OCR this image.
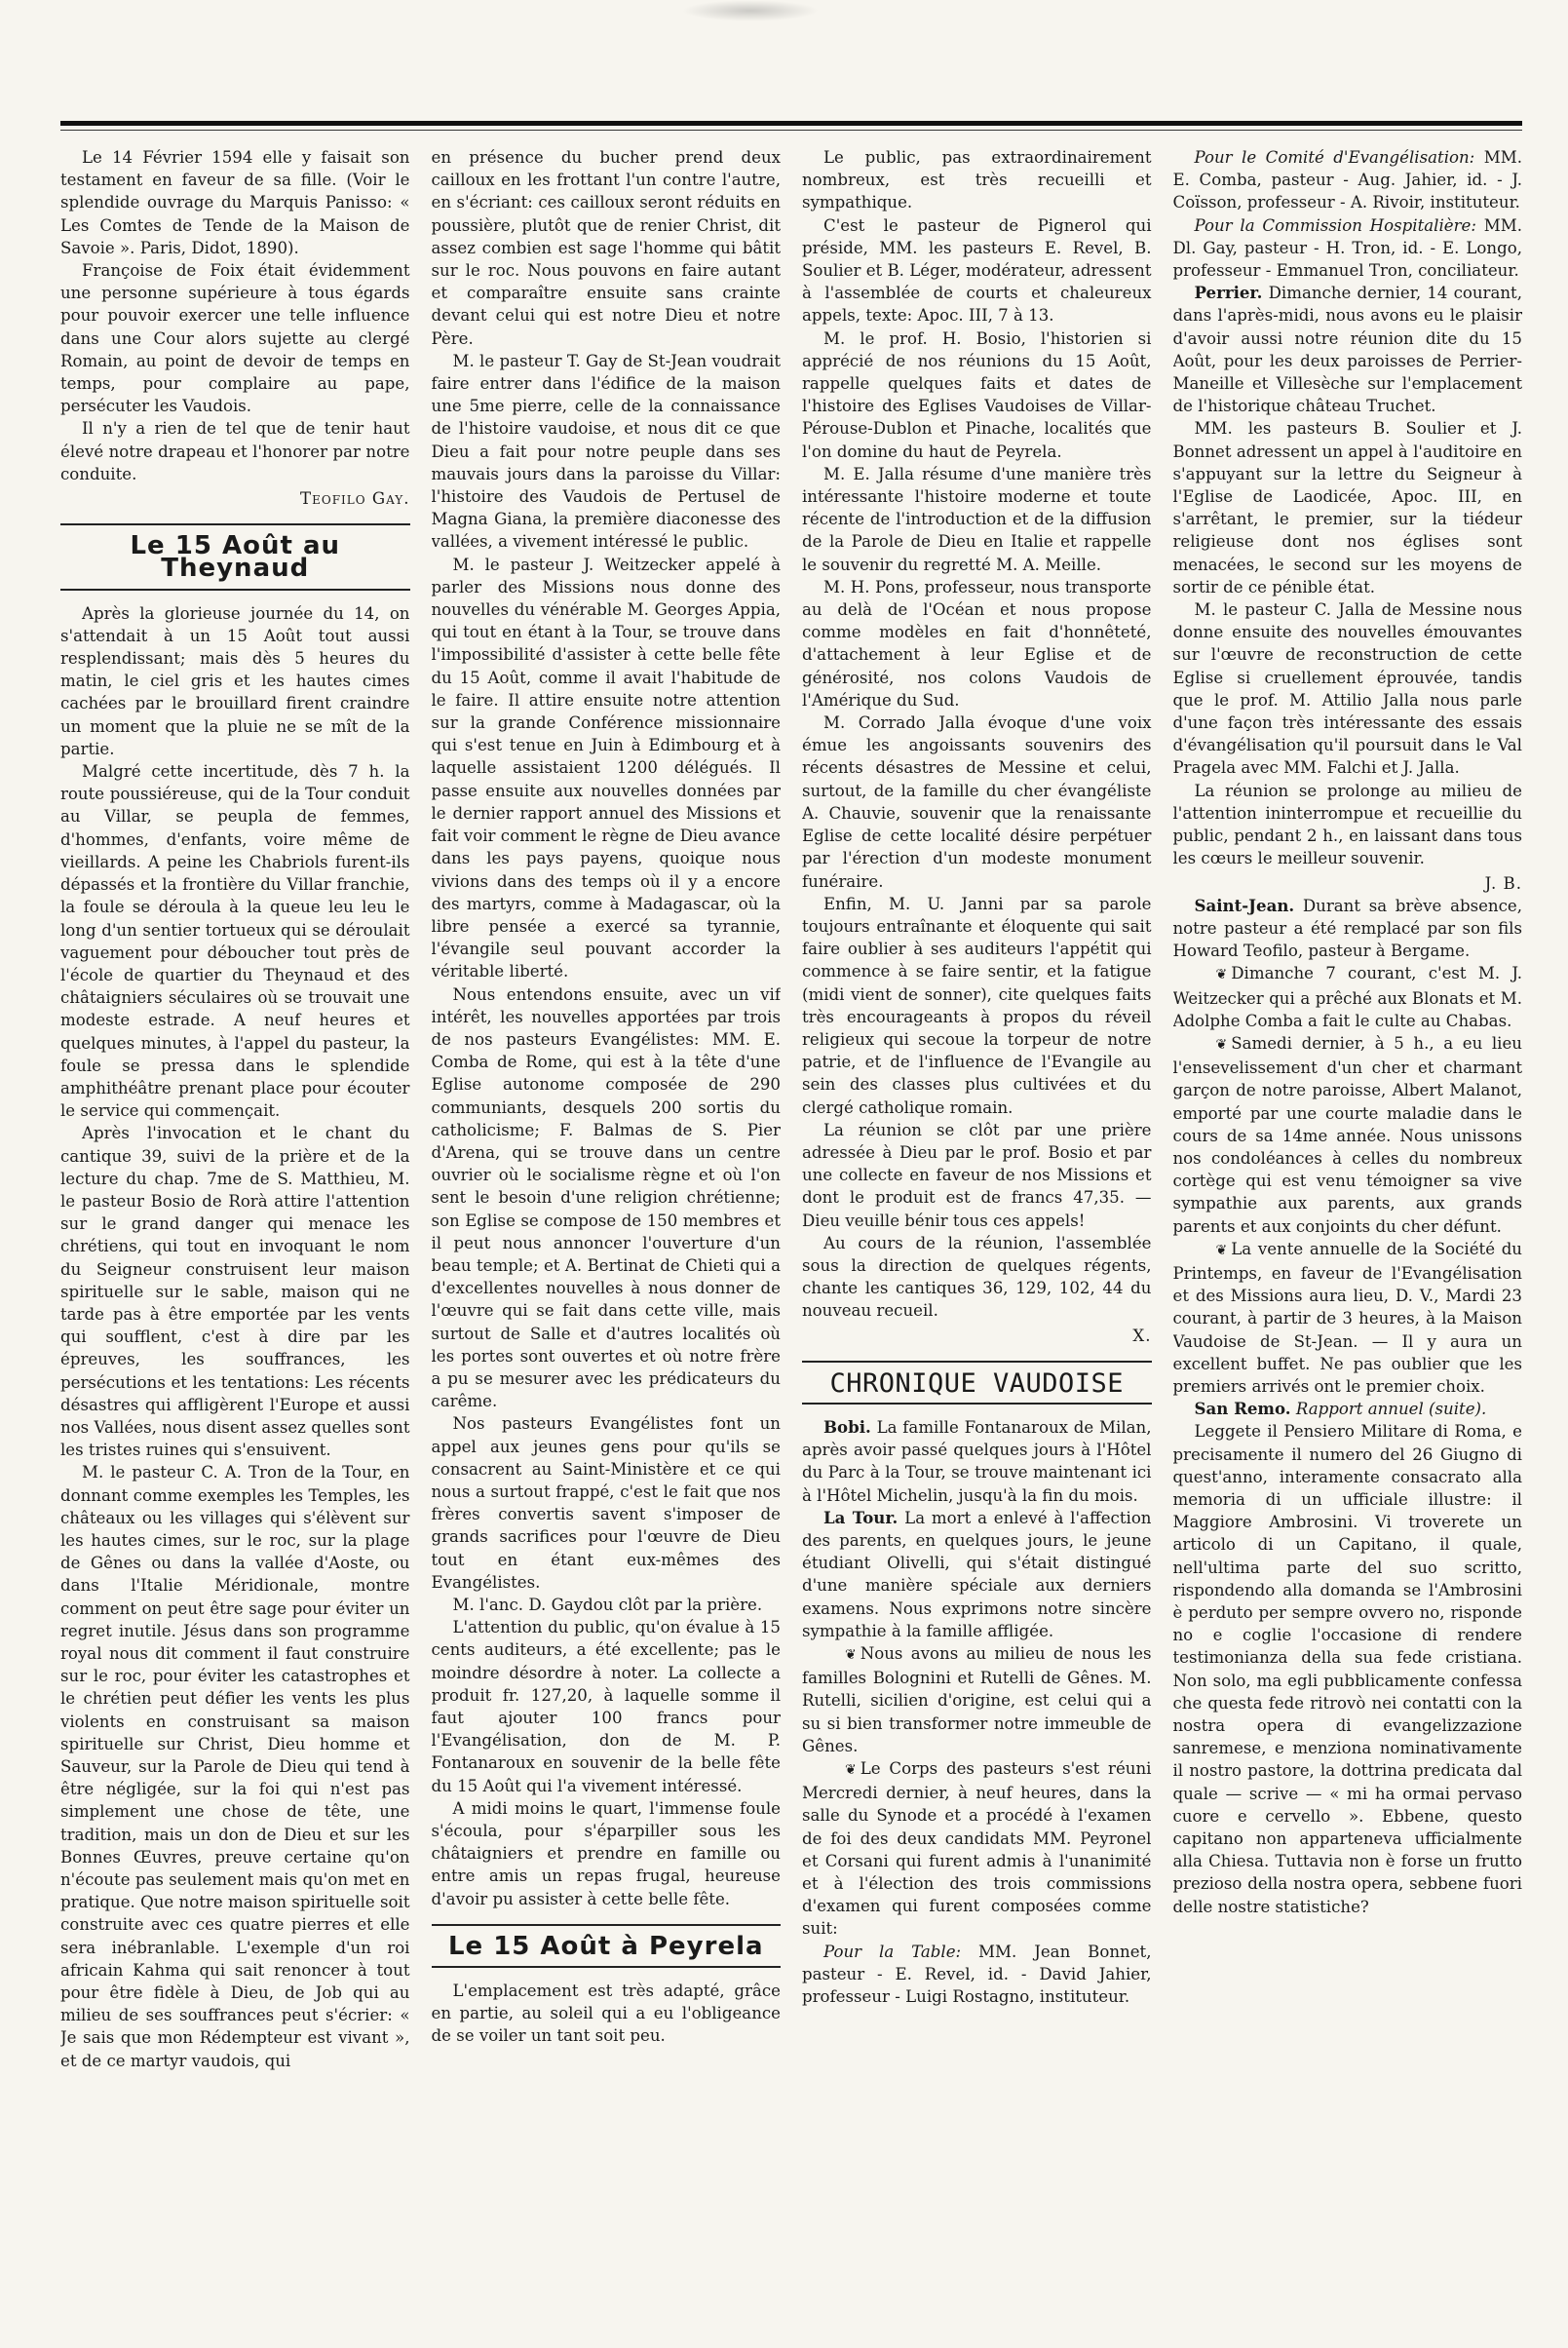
Le 14 Février 1594 elle y faisait son testament en faveur de sa fille. (Voir le splendide ouvrage du Marquis Panisso: « Les Comtes de Tende de la Maison de Savoie ». Paris, Didot, 1890).

Françoise de Foix était évidemment une personne supérieure à tous égards pour pouvoir exercer une telle influence dans une Cour alors sujette au clergé Romain, au point de devoir de temps en temps, pour complaire au pape, persécuter les Vaudois.

Il n'y a rien de tel que de tenir haut élevé notre drapeau et l'honorer par notre conduite.

Teofilo Gay.

Le 15 Août au Theynaud

Après la glorieuse journée du 14, on s'attendait à un 15 Août tout aussi resplendissant; mais dès 5 heures du matin, le ciel gris et les hautes cimes cachées par le brouillard firent craindre un moment que la pluie ne se mît de la partie.

Malgré cette incertitude, dès 7 h. la route poussiéreuse, qui de la Tour conduit au Villar, se peupla de femmes, d'hommes, d'enfants, voire même de vieillards. A peine les Chabriols furent-ils dépassés et la frontière du Villar franchie, la foule se déroula à la queue leu leu le long d'un sentier tortueux qui se déroulait vaguement pour déboucher tout près de l'école de quartier du Theynaud et des châtaigniers séculaires où se trouvait une modeste estrade. A neuf heures et quelques minutes, à l'appel du pasteur, la foule se pressa dans le splendide amphithéâtre prenant place pour écouter le service qui commençait.

Après l'invocation et le chant du cantique 39, suivi de la prière et de la lecture du chap. 7me de S. Matthieu, M. le pasteur Bosio de Rorà attire l'attention sur le grand danger qui menace les chrétiens, qui tout en invoquant le nom du Seigneur construisent leur maison spirituelle sur le sable, maison qui ne tarde pas à être emportée par les vents qui soufflent, c'est à dire par les épreuves, les souffrances, les persécutions et les tentations: Les récents désastres qui affligèrent l'Europe et aussi nos Vallées, nous disent assez quelles sont les tristes ruines qui s'ensuivent.

M. le pasteur C. A. Tron de la Tour, en donnant comme exemples les Temples, les châteaux ou les villages qui s'élèvent sur les hautes cimes, sur le roc, sur la plage de Gênes ou dans la vallée d'Aoste, ou dans l'Italie Méridionale, montre comment on peut être sage pour éviter un regret inutile. Jésus dans son programme royal nous dit comment il faut construire sur le roc, pour éviter les catastrophes et le chrétien peut défier les vents les plus violents en construisant sa maison spirituelle sur Christ, Dieu homme et Sauveur, sur la Parole de Dieu qui tend à être négligée, sur la foi qui n'est pas simplement une chose de tête, une tradition, mais un don de Dieu et sur les Bonnes Œuvres, preuve certaine qu'on n'écoute pas seulement mais qu'on met en pratique. Que notre maison spirituelle soit construite avec ces quatre pierres et elle sera inébranlable. L'exemple d'un roi africain Kahma qui sait renoncer à tout pour être fidèle à Dieu, de Job qui au milieu de ses souffrances peut s'écrier: « Je sais que mon Rédempteur est vivant », et de ce martyr vaudois, qui

en présence du bucher prend deux cailloux en les frottant l'un contre l'autre, en s'écriant: ces cailloux seront réduits en poussière, plutôt que de renier Christ, dit assez combien est sage l'homme qui bâtit sur le roc. Nous pouvons en faire autant et comparaître ensuite sans crainte devant celui qui est notre Dieu et notre Père.

M. le pasteur T. Gay de St-Jean voudrait faire entrer dans l'édifice de la maison une 5me pierre, celle de la connaissance de l'histoire vaudoise, et nous dit ce que Dieu a fait pour notre peuple dans ses mauvais jours dans la paroisse du Villar: l'histoire des Vaudois de Pertusel de Magna Giana, la première diaconesse des vallées, a vivement intéressé le public.

M. le pasteur J. Weitzecker appelé à parler des Missions nous donne des nouvelles du vénérable M. Georges Appia, qui tout en étant à la Tour, se trouve dans l'impossibilité d'assister à cette belle fête du 15 Août, comme il avait l'habitude de le faire. Il attire ensuite notre attention sur la grande Conférence missionnaire qui s'est tenue en Juin à Edimbourg et à laquelle assistaient 1200 délégués. Il passe ensuite aux nouvelles données par le dernier rapport annuel des Missions et fait voir comment le règne de Dieu avance dans les pays payens, quoique nous vivions dans des temps où il y a encore des martyrs, comme à Madagascar, où la libre pensée a exercé sa tyrannie, l'évangile seul pouvant accorder la véritable liberté.

Nous entendons ensuite, avec un vif intérêt, les nouvelles apportées par trois de nos pasteurs Evangélistes: MM. E. Comba de Rome, qui est à la tête d'une Eglise autonome composée de 290 communiants, desquels 200 sortis du catholicisme; F. Balmas de S. Pier d'Arena, qui se trouve dans un centre ouvrier où le socialisme règne et où l'on sent le besoin d'une religion chrétienne; son Eglise se compose de 150 membres et il peut nous annoncer l'ouverture d'un beau temple; et A. Bertinat de Chieti qui a d'excellentes nouvelles à nous donner de l'œuvre qui se fait dans cette ville, mais surtout de Salle et d'autres localités où les portes sont ouvertes et où notre frère a pu se mesurer avec les prédicateurs du carême.

Nos pasteurs Evangélistes font un appel aux jeunes gens pour qu'ils se consacrent au Saint-Ministère et ce qui nous a surtout frappé, c'est le fait que nos frères convertis savent s'imposer de grands sacrifices pour l'œuvre de Dieu tout en étant eux-mêmes des Evangélistes.

M. l'anc. D. Gaydou clôt par la prière.

L'attention du public, qu'on évalue à 15 cents auditeurs, a été excellente; pas le moindre désordre à noter. La collecte a produit fr. 127,20, à laquelle somme il faut ajouter 100 francs pour l'Evangélisation, don de M. P. Fontanaroux en souvenir de la belle fête du 15 Août qui l'a vivement intéressé.

A midi moins le quart, l'immense foule s'écoula, pour s'éparpiller sous les châtaigniers et prendre en famille ou entre amis un repas frugal, heureuse d'avoir pu assister à cette belle fête.

Le 15 Août à Peyrela

L'emplacement est très adapté, grâce en partie, au soleil qui a eu l'obligeance de se voiler un tant soit peu.

Le public, pas extraordinairement nombreux, est très recueilli et sympathique.

C'est le pasteur de Pignerol qui préside, MM. les pasteurs E. Revel, B. Soulier et B. Léger, modérateur, adressent à l'assemblée de courts et chaleureux appels, texte: Apoc. III, 7 à 13.

M. le prof. H. Bosio, l'historien si apprécié de nos réunions du 15 Août, rappelle quelques faits et dates de l'histoire des Eglises Vaudoises de Villar-Pérouse-Dublon et Pinache, localités que l'on domine du haut de Peyrela.

M. E. Jalla résume d'une manière très intéressante l'histoire moderne et toute récente de l'introduction et de la diffusion de la Parole de Dieu en Italie et rappelle le souvenir du regretté M. A. Meille.

M. H. Pons, professeur, nous transporte au delà de l'Océan et nous propose comme modèles en fait d'honnêteté, d'attachement à leur Eglise et de générosité, nos colons Vaudois de l'Amérique du Sud.

M. Corrado Jalla évoque d'une voix émue les angoissants souvenirs des récents désastres de Messine et celui, surtout, de la famille du cher évangéliste A. Chauvie, souvenir que la renaissante Eglise de cette localité désire perpétuer par l'érection d'un modeste monument funéraire.

Enfin, M. U. Janni par sa parole toujours entraînante et éloquente qui sait faire oublier à ses auditeurs l'appétit qui commence à se faire sentir, et la fatigue (midi vient de sonner), cite quelques faits très encourageants à propos du réveil religieux qui secoue la torpeur de notre patrie, et de l'influence de l'Evangile au sein des classes plus cultivées et du clergé catholique romain.

La réunion se clôt par une prière adressée à Dieu par le prof. Bosio et par une collecte en faveur de nos Missions et dont le produit est de francs 47,35. — Dieu veuille bénir tous ces appels!

Au cours de la réunion, l'assemblée sous la direction de quelques régents, chante les cantiques 36, 129, 102, 44 du nouveau recueil.

X.

CHRONIQUE VAUDOISE

Bobi. La famille Fontanaroux de Milan, après avoir passé quelques jours à l'Hôtel du Parc à la Tour, se trouve maintenant ici à l'Hôtel Michelin, jusqu'à la fin du mois.

La Tour. La mort a enlevé à l'affection des parents, en quelques jours, le jeune étudiant Olivelli, qui s'était distingué d'une manière spéciale aux derniers examens. Nous exprimons notre sincère sympathie à la famille affligée.

❦ Nous avons au milieu de nous les familles Bolognini et Rutelli de Gênes. M. Rutelli, sicilien d'origine, est celui qui a su si bien transformer notre immeuble de Gênes.

❦ Le Corps des pasteurs s'est réuni Mercredi dernier, à neuf heures, dans la salle du Synode et a procédé à l'examen de foi des deux candidats MM. Peyronel et Corsani qui furent admis à l'unanimité et à l'élection des trois commissions d'examen qui furent composées comme suit:

Pour la Table: MM. Jean Bonnet, pasteur - E. Revel, id. - David Jahier, professeur - Luigi Rostagno, instituteur.

Pour le Comité d'Evangélisation: MM. E. Comba, pasteur - Aug. Jahier, id. - J. Coïsson, professeur - A. Rivoir, instituteur.

Pour la Commission Hospitalière: MM. Dl. Gay, pasteur - H. Tron, id. - E. Longo, professeur - Emmanuel Tron, conciliateur.

Perrier. Dimanche dernier, 14 courant, dans l'après-midi, nous avons eu le plaisir d'avoir aussi notre réunion dite du 15 Août, pour les deux paroisses de Perrier-Maneille et Villesèche sur l'emplacement de l'historique château Truchet.

MM. les pasteurs B. Soulier et J. Bonnet adressent un appel à l'auditoire en s'appuyant sur la lettre du Seigneur à l'Eglise de Laodicée, Apoc. III, en s'arrêtant, le premier, sur la tiédeur religieuse dont nos églises sont menacées, le second sur les moyens de sortir de ce pénible état.

M. le pasteur C. Jalla de Messine nous donne ensuite des nouvelles émouvantes sur l'œuvre de reconstruction de cette Eglise si cruellement éprouvée, tandis que le prof. M. Attilio Jalla nous parle d'une façon très intéressante des essais d'évangélisation qu'il poursuit dans le Val Pragela avec MM. Falchi et J. Jalla.

La réunion se prolonge au milieu de l'attention ininterrompue et recueillie du public, pendant 2 h., en laissant dans tous les cœurs le meilleur souvenir.

J. B.

Saint-Jean. Durant sa brève absence, notre pasteur a été remplacé par son fils Howard Teofilo, pasteur à Bergame.

❦ Dimanche 7 courant, c'est M. J. Weitzecker qui a prêché aux Blonats et M. Adolphe Comba a fait le culte au Chabas.

❦ Samedi dernier, à 5 h., a eu lieu l'ensevelissement d'un cher et charmant garçon de notre paroisse, Albert Malanot, emporté par une courte maladie dans le cours de sa 14me année. Nous unissons nos condoléances à celles du nombreux cortège qui est venu témoigner sa vive sympathie aux parents, aux grands parents et aux conjoints du cher défunt.

❦ La vente annuelle de la Société du Printemps, en faveur de l'Evangélisation et des Missions aura lieu, D. V., Mardi 23 courant, à partir de 3 heures, à la Maison Vaudoise de St-Jean. — Il y aura un excellent buffet. Ne pas oublier que les premiers arrivés ont le premier choix.

San Remo. Rapport annuel (suite).

Leggete il Pensiero Militare di Roma, e precisamente il numero del 26 Giugno di quest'anno, interamente consacrato alla memoria di un ufficiale illustre: il Maggiore Ambrosini. Vi troverete un articolo di un Capitano, il quale, nell'ultima parte del suo scritto, rispondendo alla domanda se l'Ambrosini è perduto per sempre ovvero no, risponde no e coglie l'occasione di rendere testimonianza della sua fede cristiana. Non solo, ma egli pubblicamente confessa che questa fede ritrovò nei contatti con la nostra opera di evangelizzazione sanremese, e menziona nominativamente il nostro pastore, la dottrina predicata dal quale — scrive — « mi ha ormai pervaso cuore e cervello ». Ebbene, questo capitano non apparteneva ufficialmente alla Chiesa. Tuttavia non è forse un frutto prezioso della nostra opera, sebbene fuori delle nostre statistiche?
